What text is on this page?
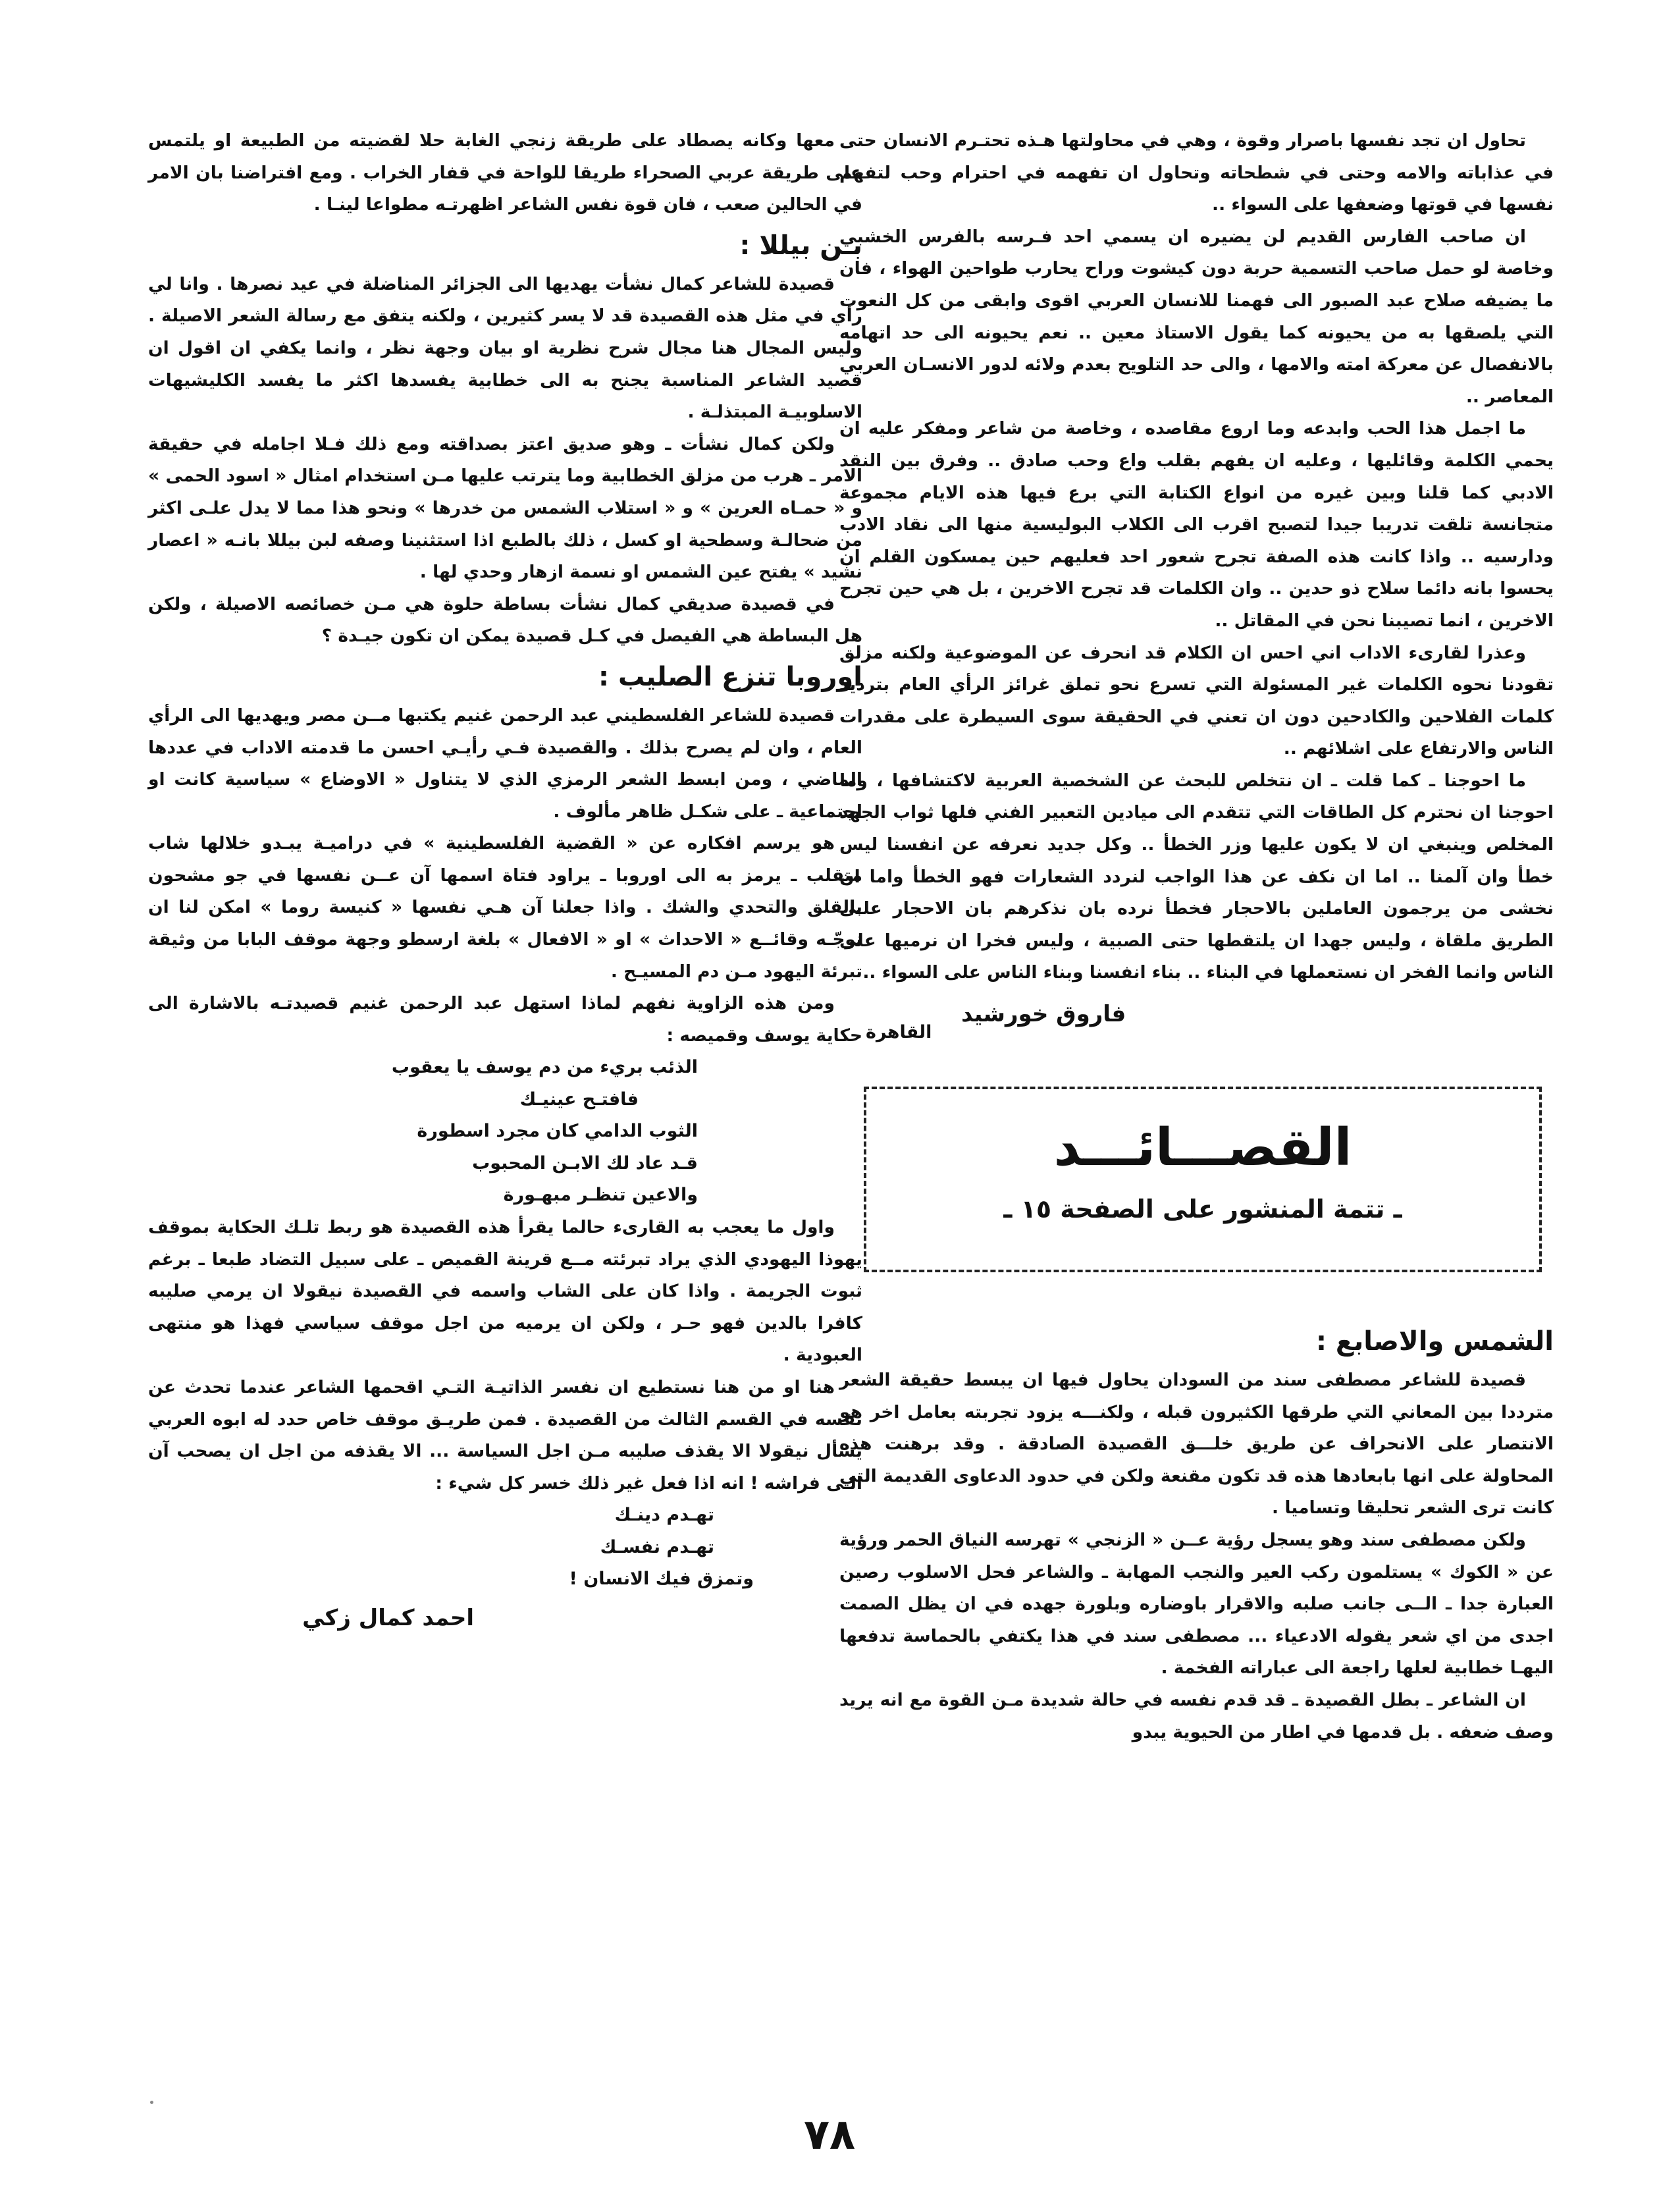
تحاول ان تجد نفسها باصرار وقوة ، وهي في محاولتها هـذه تحتـرم الانسان حتى في عذاباته والامه وحتى في شطحاته وتحاول ان تفهمه في احترام وحب لتفهم نفسها في قوتها وضعفها على السواء ..

ان صاحب الفارس القديم لن يضيره ان يسمي احد فـرسه بالفرس الخشبي وخاصة لو حمل صاحب التسمية حربة دون كيشوت وراح يحارب طواحين الهواء ، فان ما يضيفه صلاح عبد الصبور الى فهمنا للانسان العربي اقوى وابقى من كل النعوت التي يلصقها به من يحيونه كما يقول الاستاذ معين .. نعم يحيونه الى حد اتهامه بالانفصال عن معركة امته والامها ، والى حد التلويح بعدم ولائه لدور الانسـان العربي المعاصر ..

ما اجمل هذا الحب وابدعه وما اروع مقاصده ، وخاصة من شاعر ومفكر عليه ان يحمي الكلمة وقائليها ، وعليه ان يفهم بقلب واع وحب صادق .. وفرق بين النقد الادبي كما قلنا وبين غيره من انواع الكتابة التي برع فيها هذه الايام مجموعة متجانسة تلقت تدريبا جيدا لتصبح اقرب الى الكلاب البوليسية منها الى نقاد الادب ودارسيه .. واذا كانت هذه الصفة تجرح شعور احد فعليهم حين يمسكون القلم ان يحسوا بانه دائما سلاح ذو حدين .. وان الكلمات قد تجرح الاخرين ، بل هي حين تجرح الاخرين ، انما تصيبنا نحن في المقاتل ..

وعذرا لقارىء الاداب اني احس ان الكلام قد انحرف عن الموضوعية ولكنه مزلق تقودنا نحوه الكلمات غير المسئولة التي تسرع نحو تملق غرائز الرأي العام بترديد كلمات الفلاحين والكادحين دون ان تعني في الحقيقة سوى السيطرة على مقدرات الناس والارتفاع على اشلائهم ..

ما احوجنا ـ كما قلت ـ ان نتخلص للبحث عن الشخصية العربية لاكتشافها ، وما احوجنا ان نحترم كل الطاقات التي تتقدم الى ميادين التعبير الفني فلها ثواب الجهد المخلص وينبغي ان لا يكون عليها وزر الخطأ .. وكل جديد نعرفه عن انفسنا ليس خطأ وان آلمنا .. اما ان نكف عن هذا الواجب لنردد الشعارات فهو الخطأ واما ان نخشى من يرجمون العاملين بالاحجار فخطأ نرده بان نذكرهم بان الاحجار علـى الطريق ملقاة ، وليس جهدا ان يلتقطها حتى الصبية ، وليس فخرا ان نرميها على الناس وانما الفخر ان نستعملها في البناء .. بناء انفسنا وبناء الناس على السواء ..

فاروق خورشيد
القاهرة
القصـــائـــد
ـ تتمة المنشور على الصفحة ١٥ ـ
الشمس والاصابع :

قصيدة للشاعر مصطفى سند من السودان يحاول فيها ان يبسط حقيقة الشعر مترددا بين المعاني التي طرقها الكثيرون قبله ، ولكنـــه يزود تجربته بعامل اخر هو الانتصار على الانحراف عن طريق خلـــق القصيدة الصادقة . وقد برهنت هذه المحاولة على انها بابعادها هذه قد تكون مقنعة ولكن في حدود الدعاوى القديمة التي كانت ترى الشعر تحليقا وتساميا .

ولكن مصطفى سند وهو يسجل رؤية عــن « الزنجي » تهرسه النياق الحمر ورؤية عن « الكوك » يستلمون ركب العير والنجب المهابة ـ والشاعر فحل الاسلوب رصين العبارة جدا ـ الــى جانب صلبه والاقرار باوضاره وبلورة جهده في ان يظل الصمت اجدى من اي شعر يقوله الادعياء ... مصطفى سند في هذا يكتفي بالحماسة تدفعها اليهـا خطابية لعلها راجعة الى عباراته الفخمة .

ان الشاعر ـ بطل القصيدة ـ قد قدم نفسه في حالة شديدة مـن القوة مع انه يريد وصف ضعفه . بل قدمها في اطار من الحيوية يبدو

معها وكانه يصطاد على طريقة زنجي الغابة حلا لقضيته من الطبيعة او يلتمس على طريقة عربي الصحراء طريقا للواحة في قفار الخراب . ومع افتراضنا بان الامر في الحالين صعب ، فان قوة نفس الشاعر اظهرتـه مطواعا لينـا .

بـن بيللا :

قصيدة للشاعر كمال نشأت يهديها الى الجزائر المناضلة في عيد نصرها . وانا لي رأي في مثل هذه القصيدة قد لا يسر كثيرين ، ولكنه يتفق مع رسالة الشعر الاصيلة . وليس المجال هنا مجال شرح نظرية او بيان وجهة نظر ، وانما يكفي ان اقول ان قصيد الشاعر المناسبة يجنح به الى خطابية يفسدها اكثر ما يفسد الكليشيهات الاسلوبيـة المبتذلـة .

ولكن كمال نشأت ـ وهو صديق اعتز بصداقته ومع ذلك فـلا اجامله في حقيقة الامر ـ هرب من مزلق الخطابية وما يترتب عليها مـن استخدام امثال « اسود الحمى » و « حمـاه العرين » و « استلاب الشمس من خدرها » ونحو هذا مما لا يدل علـى اكثر من ضحالـة وسطحية او كسل ، ذلك بالطبع اذا استثنينا وصفه لبن بيللا بانـه « اعصار نشيد » يفتح عين الشمس او نسمة ازهار وحدي لها .

في قصيدة صديقي كمال نشأت بساطة حلوة هي مـن خصائصه الاصيلة ، ولكن هل البساطة هي الفيصل في كـل قصيدة يمكن ان تكون جيـدة ؟

اوروبا تنزع الصليب :

قصيدة للشاعر الفلسطيني عبد الرحمن غنيم يكتبها مــن مصر ويهديها الى الرأي العام ، وان لم يصرح بذلك . والقصيدة فـي رأيـي احسن ما قدمته الاداب في عددها الماضي ، ومن ابسط الشعر الرمزي الذي لا يتناول « الاوضاع » سياسية كانت او اجتماعية ـ على شكـل ظاهر مألوف .

هو يرسم افكاره عن « القضية الفلسطينية » في دراميـة يبـدو خلالها شاب متقلب ـ يرمز به الى اوروبا ـ يراود فتاة اسمها آن عــن نفسها في جو مشحون بالقلق والتحدي والشك . واذا جعلنا آن هـي نفسها « كنيسة روما » امكن لنا ان نوجّـه وقائــع « الاحداث » او « الافعال » بلغة ارسطو وجهة موقف البابا من وثيقة تبرئة اليهود مـن دم المسيـح .

ومن هذه الزاوية نفهم لماذا استهل عبد الرحمن غنيم قصيدتـه بالاشارة الى حكاية يوسف وقميصه :

الذئب بريء من دم يوسف يا يعقوب

فافتـح عينيـك

الثوب الدامي كان مجرد اسطورة

قـد عاد لك الابـن المحبوب

والاعين تنظـر مبهـورة

واول ما يعجب به القارىء حالما يقرأ هذه القصيدة هو ربط تلـك الحكاية بموقف يهوذا اليهودي الذي يراد تبرئته مــع قرينة القميص ـ على سبيل التضاد طبعا ـ برغم ثبوت الجريمة . واذا كان على الشاب واسمه في القصيدة نيقولا ان يرمي صليبه كافرا بالدين فهو حـر ، ولكن ان يرميه من اجل موقف سياسي فهذا هو منتهى العبودية .

هنا او من هنا نستطيع ان نفسر الذاتيـة التـي اقحمها الشاعر عندما تحدث عن نفسه في القسم الثالث من القصيدة . فمن طريـق موقف خاص حدد له ابوه العربي يسأل نيقولا الا يقذف صليبه مـن اجل السياسة ... الا يقذفه من اجل ان يصحب آن الـى فراشه ! انه اذا فعل غير ذلك خسر كل شيء :

تهـدم دينـك

تهـدم نفسـك

وتمزق فيك الانسان !

احمد كمال زكي
٧٨
